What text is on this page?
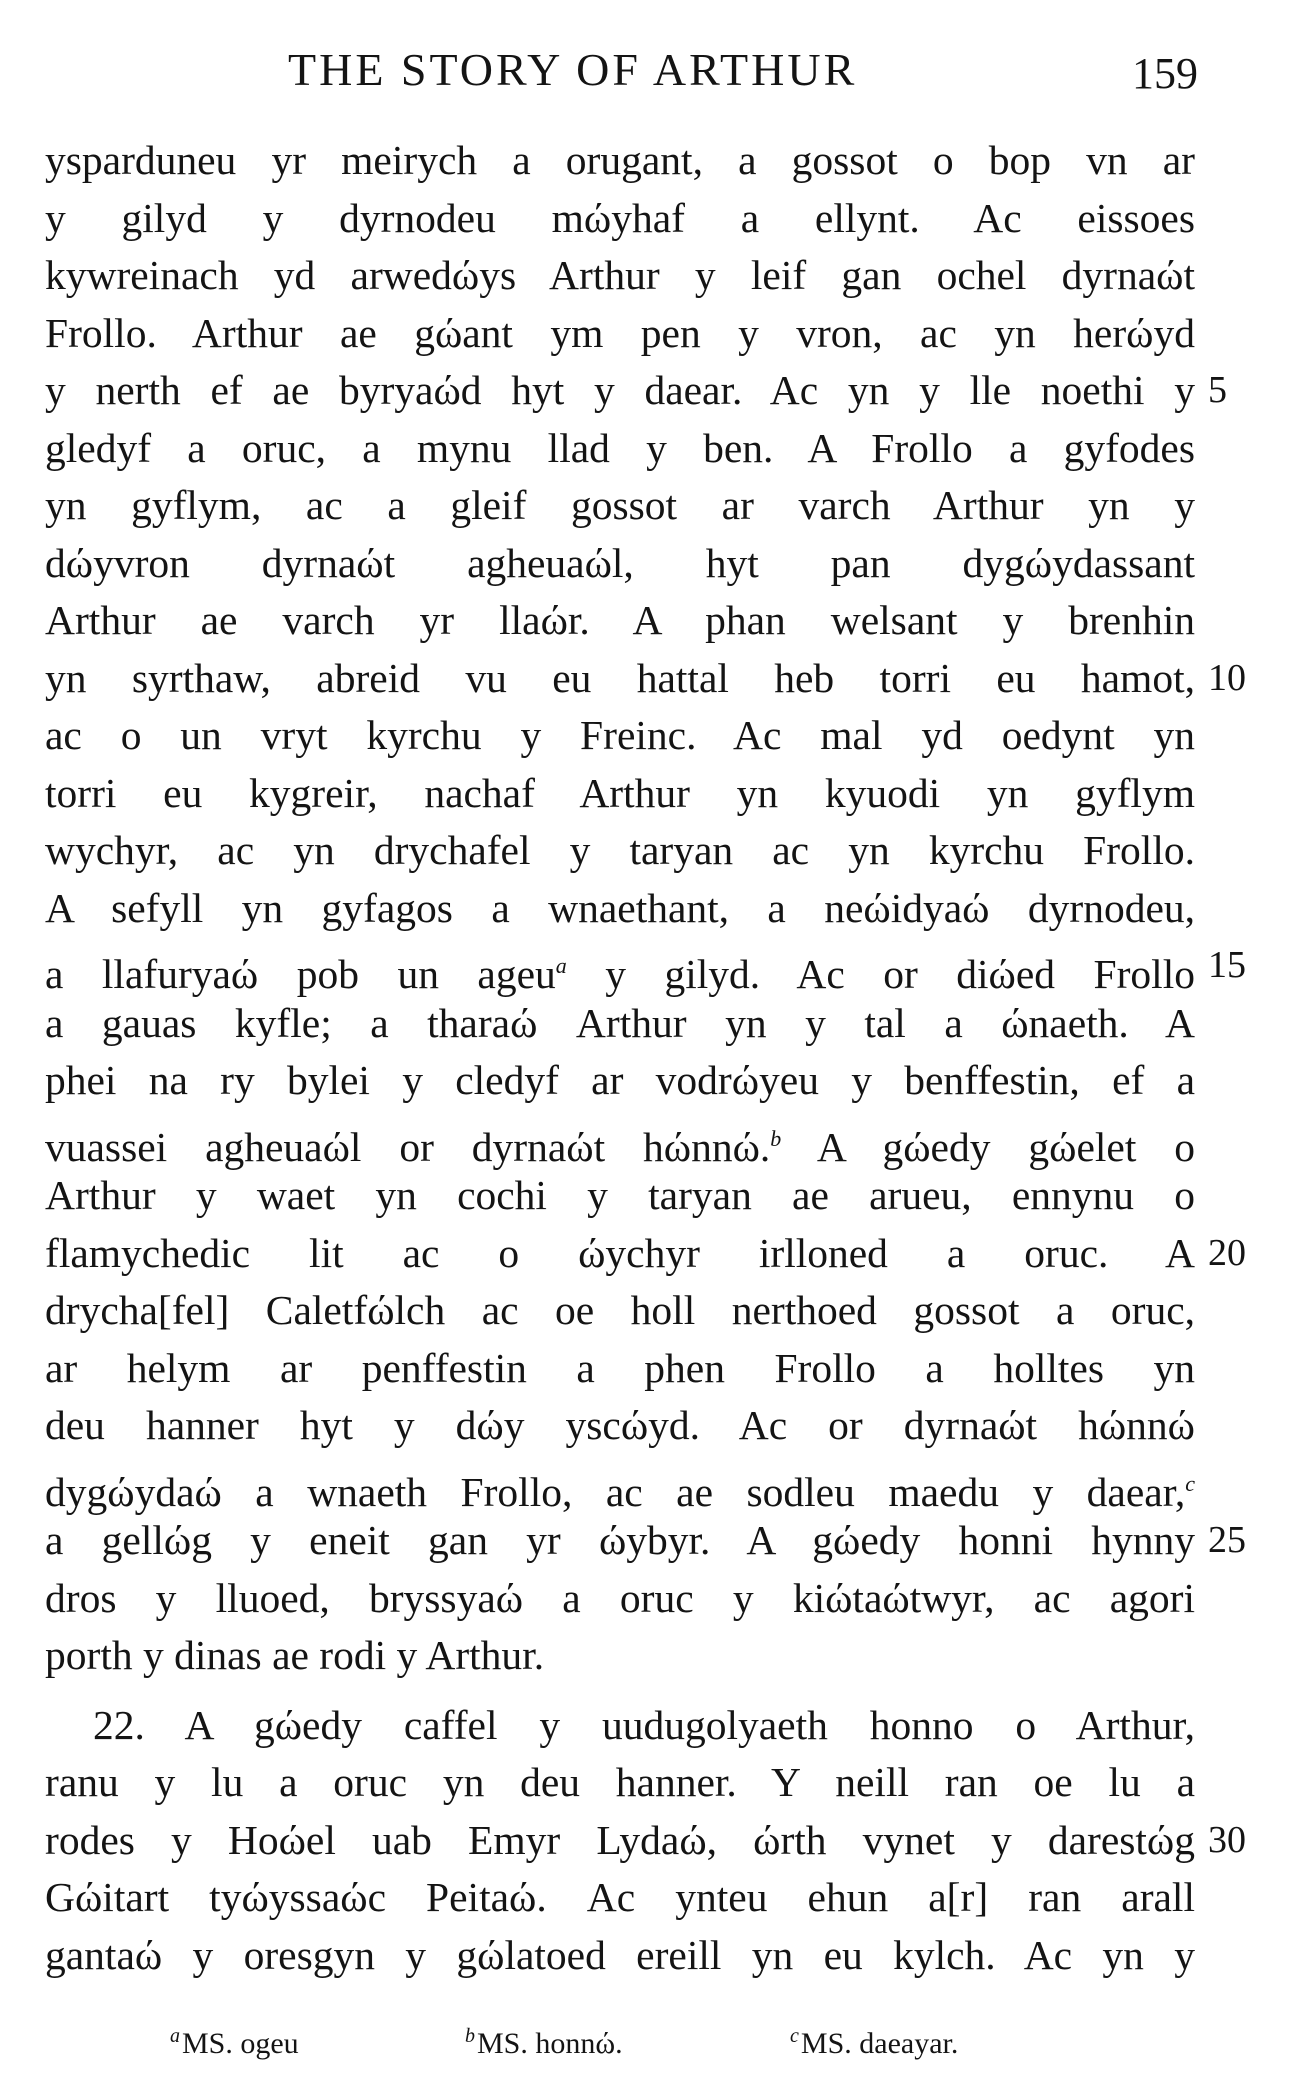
THE STORY OF ARTHUR	159
yspardunеu yr meirych a orugant, a gossot o bop vn ar
y gilyd y dyrnodeu mώyhaf a ellynt. Ac eissoes
kywreinach yd arwedώys Arthur y leif gan ochel dyrnaώt
Frollo. Arthur ae gώant ym pen y vron, ac yn herώyd
y nerth ef ae byryaώd hyt y daear. Ac yn y lle noethi y
gledyf a oruc, a mynu llad y ben. A Frollo a gyfodes
yn gyflym, ac a gleif gossot ar varch Arthur yn y
dώyvron dyrnaώt agheuaώl, hyt pan dygώydassant
Arthur ae varch yr llaώr. A phan welsant y brenhin
yn syrthaw, abreid vu eu hattal heb torri eu hamot,
ac o un vryt kyrchu y Freinc. Ac mal yd oedynt yn
torri eu kygreir, nachaf Arthur yn kyuodi yn gyflym
wychyr, ac yn drychafel y taryan ac yn kyrchu Frollo.
A sefyll yn gyfagos a wnaethant, a neώidyaώ dyrnodeu,
a llafuryaώ pob un ageu$^a$ y gilyd. Ac or diώed Frollo
a gauas kyfle; a tharaώ Arthur yn y tal a ώnaeth. A
phei na ry bylei y cledyf ar vodrώyeu y benffestin, ef a
vuassei agheuaώl or dyrnaώt hώnnώ.$^b$ A gώedy gώelet o
Arthur y waet yn cochi y taryan ae arueu, ennynu o
flamychedic lit ac o ώychyr irlloned a oruc. A
drycha[fel] Caletfώlch ac oe holl nerthoed gossot a oruc,
ar helym ar penffestin a phen Frollo a holltes yn
deu hanner hyt y dώy yscώyd. Ac or dyrnaώt hώnnώ
dygώydaώ a wnaeth Frollo, ac ae sodleu maedu y daear,$^c$
a gellώg y eneit gan yr ώybyr. A gώedy honni hynny
dros y lluoed, bryssyaώ a oruc y kiώtaώtwyr, ac agori
porth y dinas ae rodi y Arthur.
22. A gώedy caffel y uudugolyaeth honno o Arthur,
ranu y lu a oruc yn deu hanner. Y neill ran oe lu a
rodes y Hoώel uab Emyr Lydaώ, ώrth vynet y darestώg
Gώitart tyώyssaώc Peitaώ. Ac ynteu ehun a[r] ran arall
gantaώ y oresgyn y gώlatoed ereill yn eu kylch. Ac yn y
5
10
15
20
25
30
$^a$MS. ogeu	$^b$MS. honnώ.	$^c$MS. daeayar.
